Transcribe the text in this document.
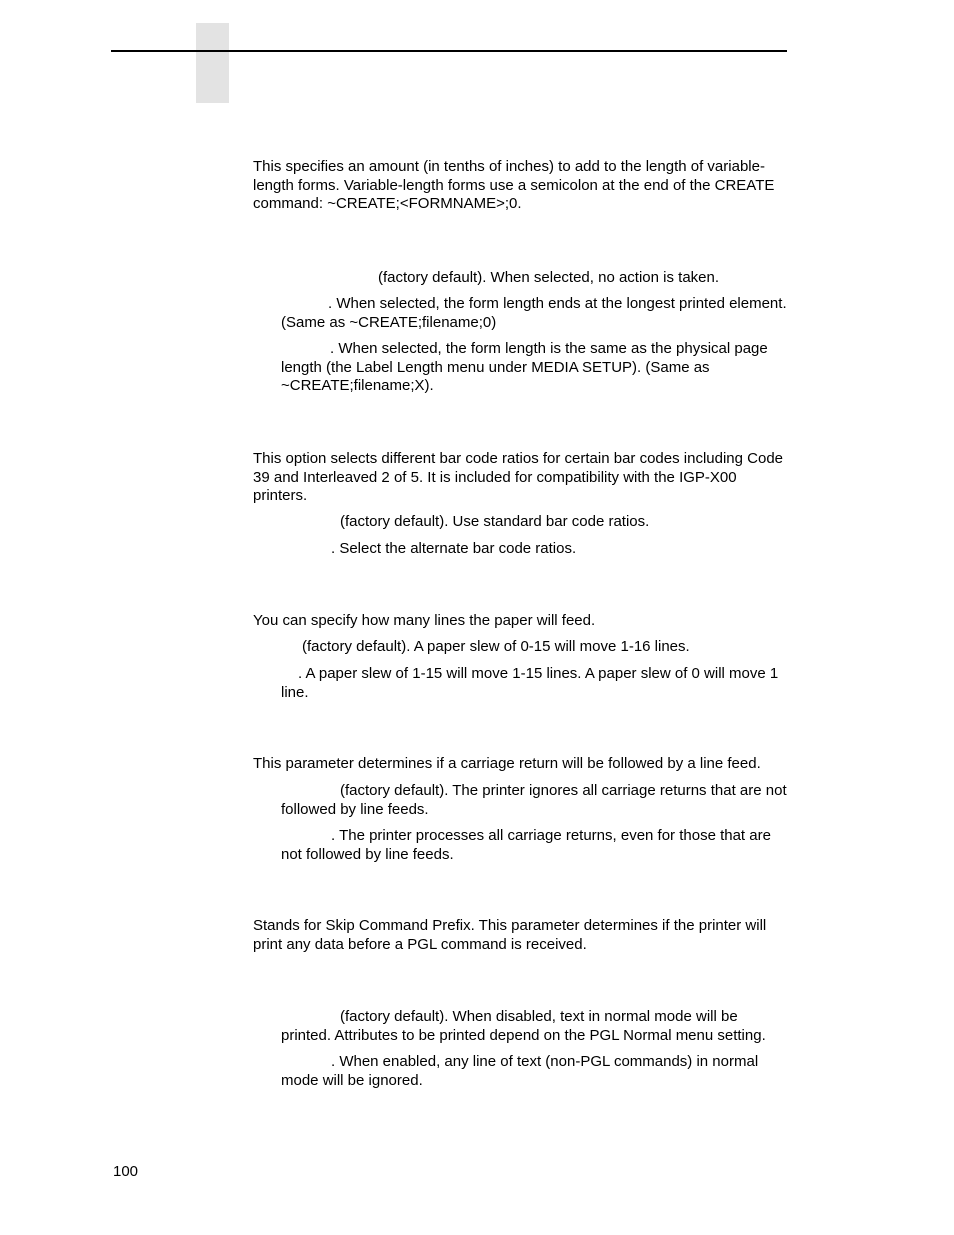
This specifies an amount (in tenths of inches) to add to the length of variable-length forms. Variable-length forms use a semicolon at the end of the CREATE command: ~CREATE;<FORMNAME>;0.

(factory default). When selected, no action is taken.

. When selected, the form length ends at the longest printed element. (Same as ~CREATE;filename;0)

. When selected, the form length is the same as the physical page length (the Label Length menu under MEDIA SETUP). (Same as ~CREATE;filename;X).

This option selects different bar code ratios for certain bar codes including Code 39 and Interleaved 2 of 5. It is included for compatibility with the IGP-X00 printers.

(factory default). Use standard bar code ratios.

. Select the alternate bar code ratios.

You can specify how many lines the paper will feed.

(factory default). A paper slew of 0-15 will move 1-16 lines.

. A paper slew of 1-15 will move 1-15 lines. A paper slew of 0 will move 1 line.

This parameter determines if a carriage return will be followed by a line feed.

(factory default). The printer ignores all carriage returns that are not followed by line feeds.

. The printer processes all carriage returns, even for those that are not followed by line feeds.

Stands for Skip Command Prefix. This parameter determines if the printer will print any data before a PGL command is received.

(factory default). When disabled, text in normal mode will be printed. Attributes to be printed depend on the PGL Normal menu setting.

. When enabled, any line of text (non-PGL commands) in normal mode will be ignored.

100
